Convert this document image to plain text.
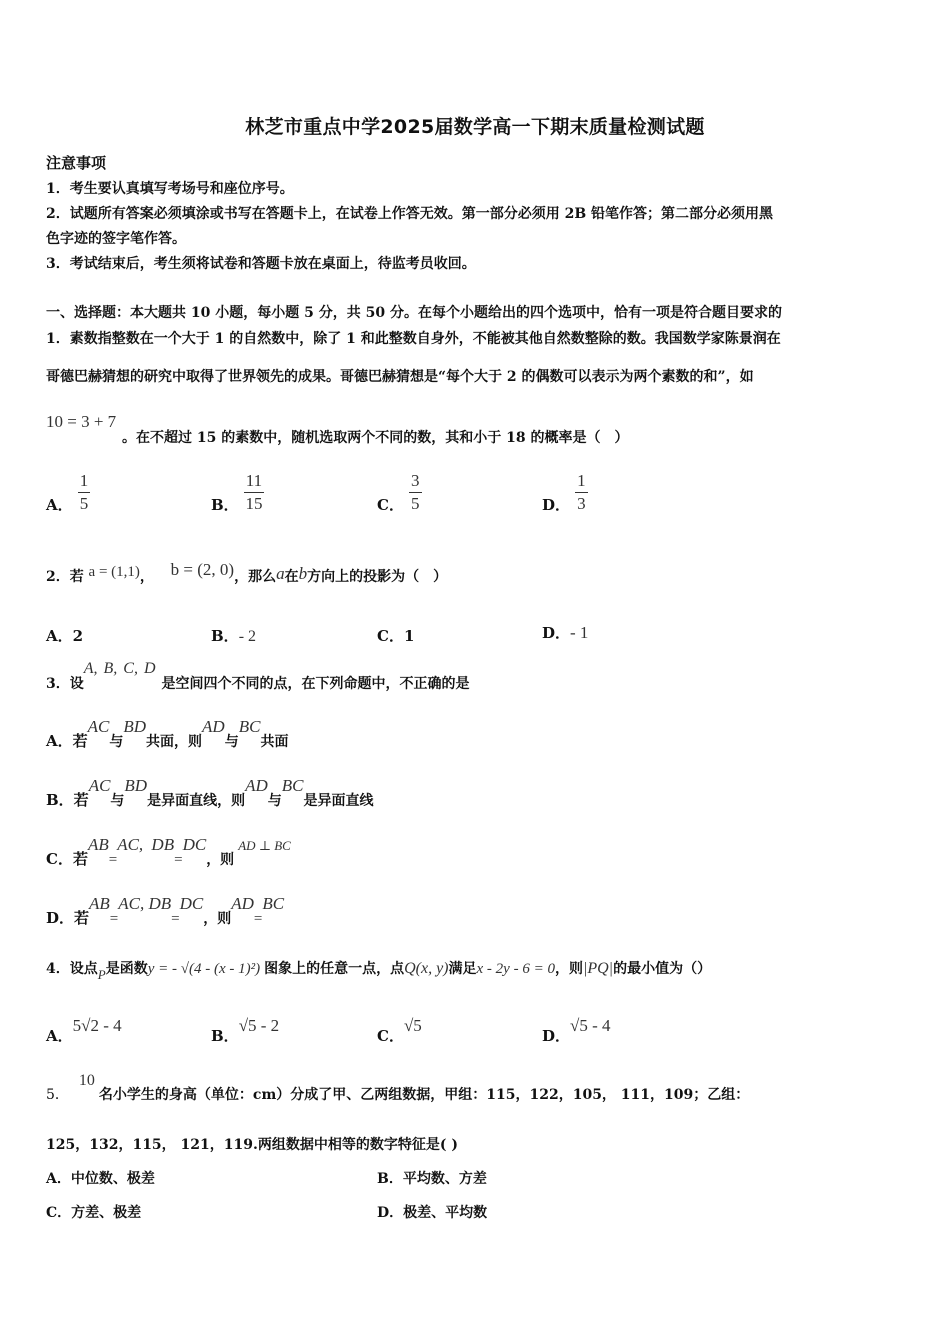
林芝市重点中学2025届数学高一下期末质量检测试题
注意事项
1．考生要认真填写考场号和座位序号。
2．试题所有答案必须填涂或书写在答题卡上，在试卷上作答无效。第一部分必须用 2B 铅笔作答；第二部分必须用黑
色字迹的签字笔作答。
3．考试结束后，考生须将试卷和答题卡放在桌面上，待监考员收回。
一、选择题：本大题共 10 小题，每小题 5 分，共 50 分。在每个小题给出的四个选项中，恰有一项是符合题目要求的
1．素数指整数在一个大于 1 的自然数中，除了 1 和此整数自身外，不能被其他自然数整除的数。我国数学家陈景润在
哥德巴赫猜想的研究中取得了世界领先的成果。哥德巴赫猜想是“每个大于 2 的偶数可以表示为两个素数的和”，如
10 = 3 + 7
。在不超过 15 的素数中，随机选取两个不同的数，其和小于 18 的概率是（　）
A． $\frac{1}{5}$	B． $\frac{11}{15}$	C． $\frac{3}{5}$	D． $\frac{1}{3}$
2．若 a = (1,1)， b = (2, 0)，那么a在b方向上的投影为（　）
A．2	B．- 2	C．1	D．- 1
3．设A, B, C, D是空间四个不同的点，在下列命题中，不正确的是
A．若AC与BD共面，则AD与BC共面
B．若AC与BD是异面直线，则AD与BC是异面直线
C．若AB=AC, DB=DC，则AD ⊥ BC
D．若AB=AC, DB=DC，则AD=BC
4．设点$_P$是函数y = - √(4 - (x - 1)²) 图象上的任意一点，点Q(x, y)满足x - 2y - 6 = 0，则|PQ|的最小值为（）
A．5√2 - 4
B．√5 - 2
C．√5
D．√5 - 4
5．10名小学生的身高（单位：cm）分成了甲、乙两组数据，甲组：115，122，105， 111，109；乙组：
125，132，115， 121，119.两组数据中相等的数字特征是( )
A．中位数、极差	B．平均数、方差
C．方差、极差	D．极差、平均数
